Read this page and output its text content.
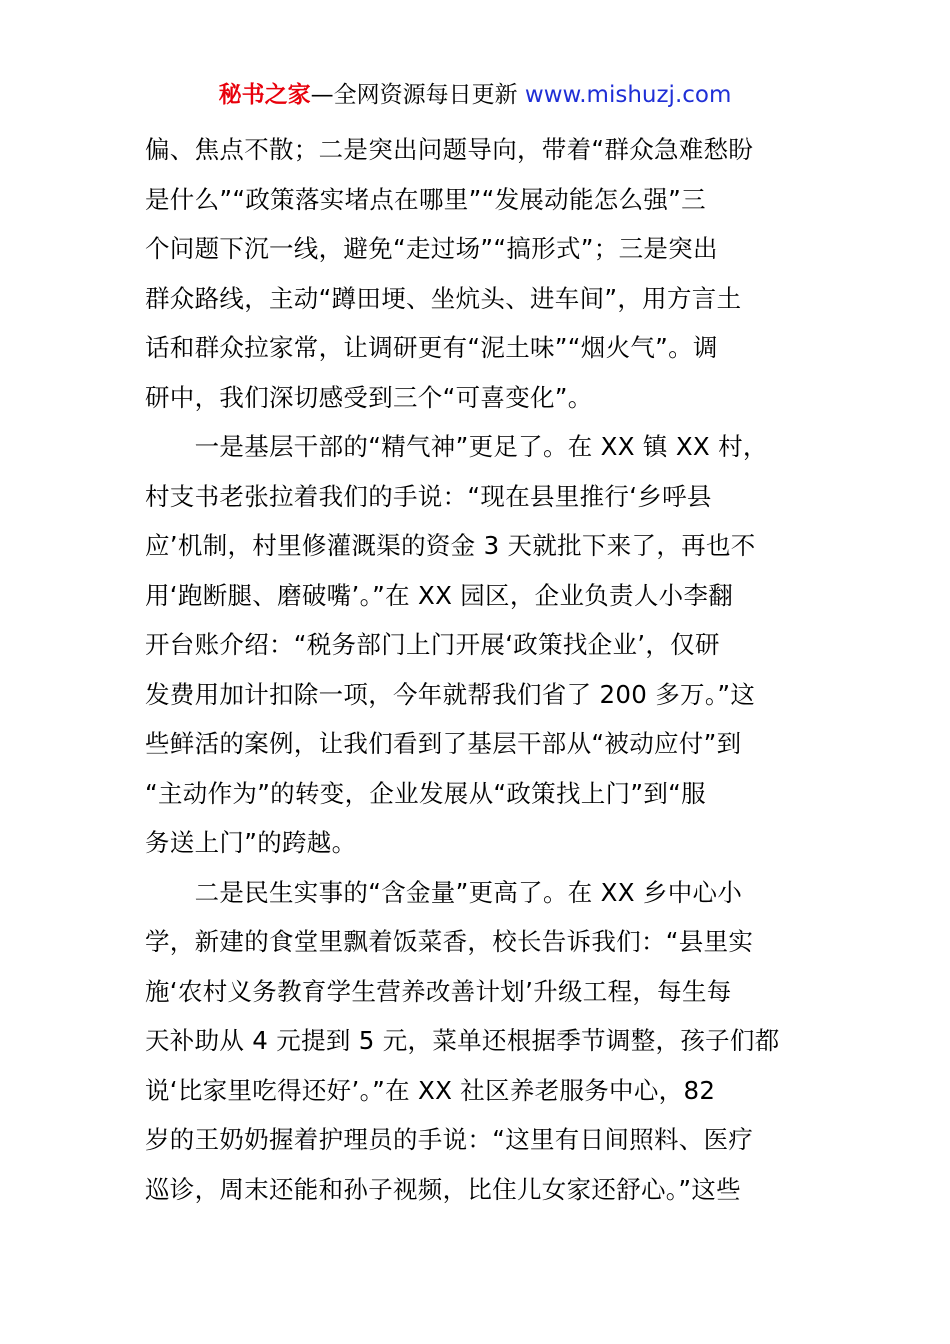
秘书之家—全网资源每日更新 www.mishuzj.com
偏、焦点不散；二是突出问题导向，带着“群众急难愁盼
是什么”“政策落实堵点在哪里”“发展动能怎么强”三
个问题下沉一线，避免“走过场”“搞形式”；三是突出
群众路线，主动“蹲田埂、坐炕头、进车间”，用方言土
话和群众拉家常，让调研更有“泥土味”“烟火气”。调
研中，我们深切感受到三个“可喜变化”。
　　一是基层干部的“精气神”更足了。在 XX 镇 XX 村，
村支书老张拉着我们的手说：“现在县里推行‘乡呼县
应’机制，村里修灌溉渠的资金 3 天就批下来了，再也不
用‘跑断腿、磨破嘴’。”在 XX 园区，企业负责人小李翻
开台账介绍：“税务部门上门开展‘政策找企业’，仅研
发费用加计扣除一项，今年就帮我们省了 200 多万。”这
些鲜活的案例，让我们看到了基层干部从“被动应付”到
“主动作为”的转变，企业发展从“政策找上门”到“服
务送上门”的跨越。
　　二是民生实事的“含金量”更高了。在 XX 乡中心小
学，新建的食堂里飘着饭菜香，校长告诉我们：“县里实
施‘农村义务教育学生营养改善计划’升级工程，每生每
天补助从 4 元提到 5 元，菜单还根据季节调整，孩子们都
说‘比家里吃得还好’。”在 XX 社区养老服务中心，82
岁的王奶奶握着护理员的手说：“这里有日间照料、医疗
巡诊，周末还能和孙子视频，比住儿女家还舒心。”这些
